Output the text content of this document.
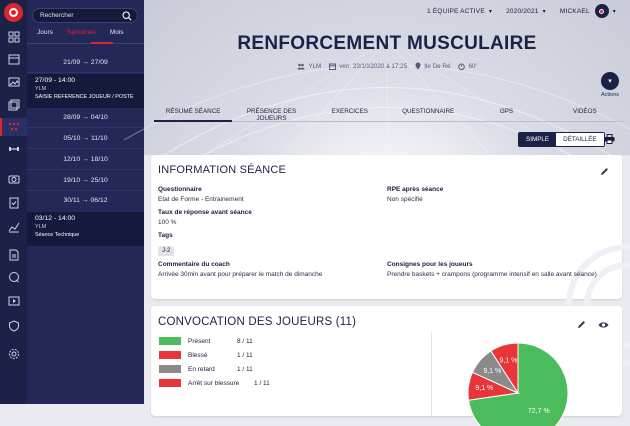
Rechercher
Jours Semaines Mois
21/09 → 27/09
27/09 - 14:00
YLM
SAISIE REFERENCE JOUEUR / POSTE
28/09 → 04/10
05/10 → 11/10
12/10 → 18/10
19/10 → 25/10
30/11 → 06/12
03/12 - 14:00
YLM
Séance Technique
1 ÉQUIPE ACTIVE ▾ 2020/2021 ▾ MICKAEL	▾
RENFORCEMENT MUSCULAIRE
YLM	ven. 23/10/2020 à 17:25	Ile De Ré	60'
▾
Actions
RÉSUMÉ SÉANCE	PRÉSENCE DES JOUEURS
EXERCICES	QUESTIONNAIRE	GPS	VIDÉOS
SIMPLE	DÉTAILLÉE
INFORMATION SÉANCE
Questionnaire
Etat de Forme - Entrainement
RPE après séance
Non spécifié
Taux de réponse avant séance
100 %
Tags
J-2
Commentaire du coach
Arrivée 30min avant pour préparer le match de dimanche
Consignes pour les joueurs
Prendre baskets + crampons (programme intensif en salle avant séance)
CONVOCATION DES JOUEURS (11)
Présent	8 / 11
Blessé	1 / 11
En retard	1 / 11
Arrêt sur blessure	1 / 11
72,7 %
9,1 %
9,1 %
9,1 %
